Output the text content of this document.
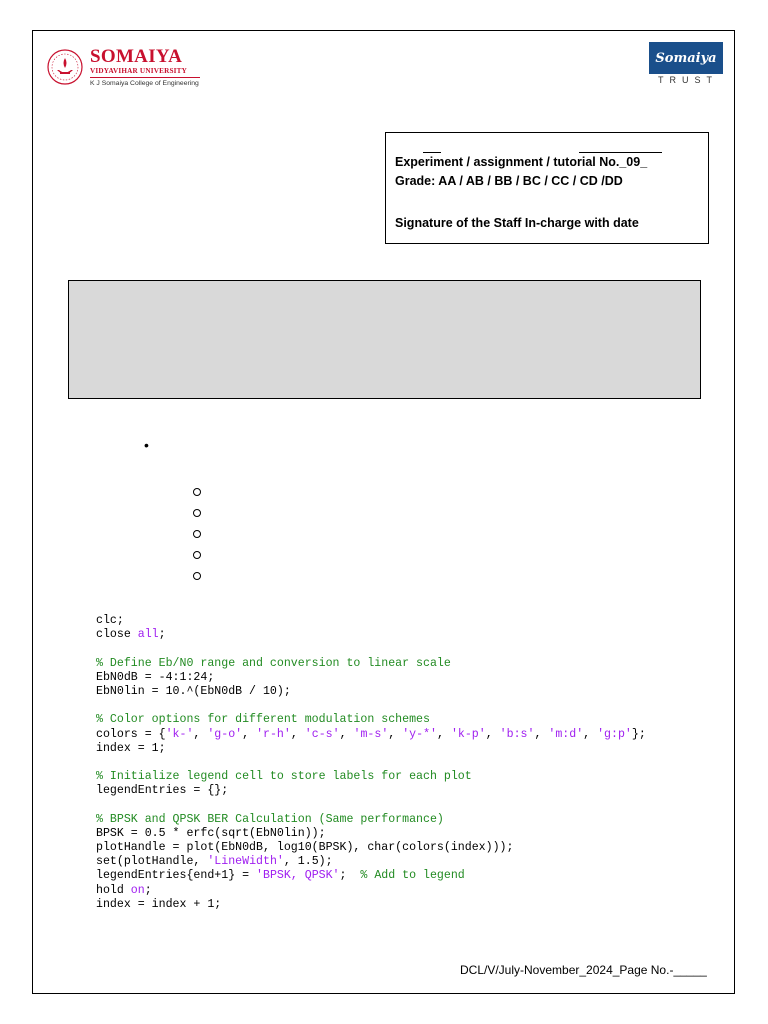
SOMAIYA
VIDYAVIHAR UNIVERSITY
K J Somaiya College of Engineering
Somaiya
TRUST
Experiment / assignment / tutorial No._09_
Grade: AA / AB / BB / BC / CC / CD /DD
Signature of the Staff In-charge with date
•
clc;
close all;
% Define Eb/N0 range and conversion to linear scale
EbN0dB = -4:1:24;
EbN0lin = 10.^(EbN0dB / 10);
% Color options for different modulation schemes
colors = {'k-', 'g-o', 'r-h', 'c-s', 'm-s', 'y-*', 'k-p', 'b:s', 'm:d', 'g:p'};
index = 1;
% Initialize legend cell to store labels for each plot
legendEntries = {};
% BPSK and QPSK BER Calculation (Same performance)
BPSK = 0.5 * erfc(sqrt(EbN0lin));
plotHandle = plot(EbN0dB, log10(BPSK), char(colors(index)));
set(plotHandle, 'LineWidth', 1.5);
legendEntries{end+1} = 'BPSK, QPSK';  % Add to legend
hold on;
index = index + 1;
DCL/V/July-November_2024_Page No.-_____
